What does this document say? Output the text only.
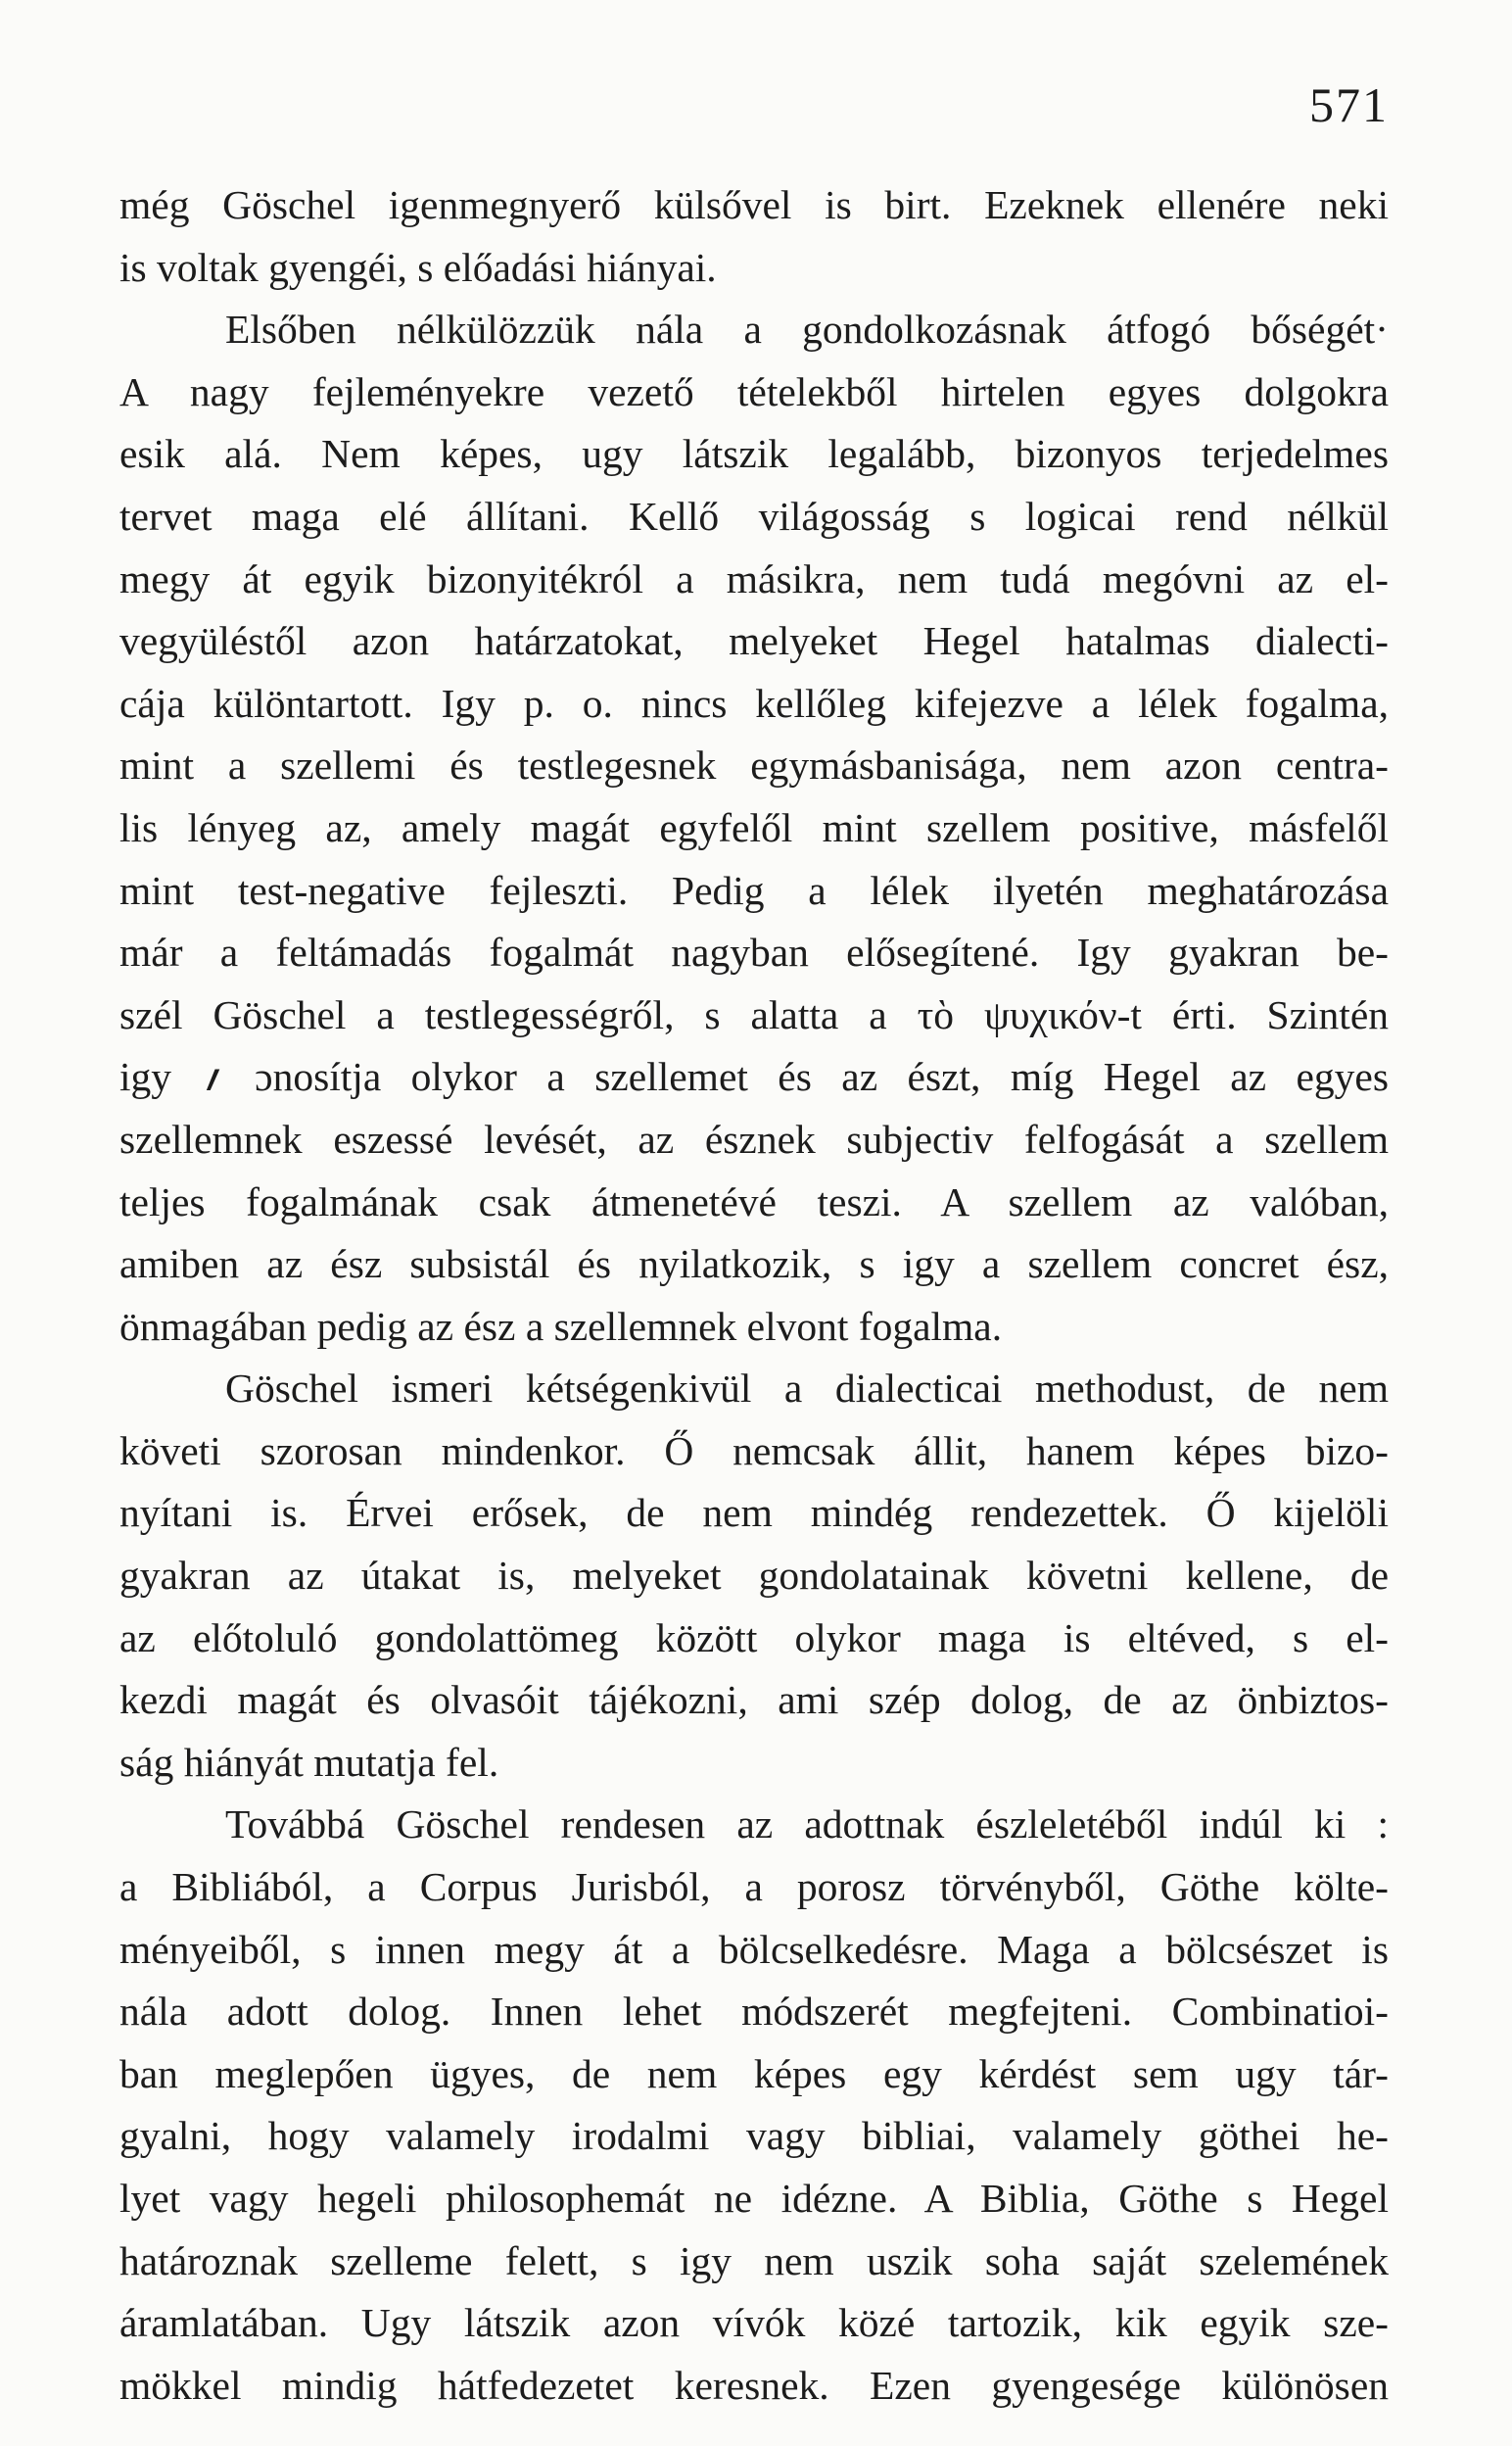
571
még Göschel igenmegnyerő külsővel is birt. Ezeknek ellenére neki
is voltak gyengéi, s előadási hiányai.
Elsőben nélkülözzük nála a gondolkozásnak átfogó bőségét·
A nagy fejleményekre vezető tételekből hirtelen egyes dolgokra
esik alá. Nem képes, ugy látszik legalább, bizonyos terjedelmes
tervet maga elé állítani. Kellő világosság s logicai rend nélkül
megy át egyik bizonyitékról a másikra, nem tudá megóvni az el-
vegyüléstől azon határzatokat, melyeket Hegel hatalmas dialecti-
cája különtartott. Igy p. o. nincs kellőleg kifejezve a lélek fogalma,
mint a szellemi és testlegesnek egymásbanisága, nem azon centra-
lis lényeg az, amely magát egyfelől mint szellem positive, másfelől
mint test-negative fejleszti. Pedig a lélek ilyetén meghatározása
már a feltámadás fogalmát nagyban elősegítené. Igy gyakran be-
szél Göschel a testlegességről, s alatta a τὸ ψυχικόν-t érti. Szintén
igy ؍ ɔnosítja olykor a szellemet és az észt, míg Hegel az egyes
szellemnek eszessé levését, az észnek subjectiv felfogását a szellem
teljes fogalmának csak átmenetévé teszi. A szellem az valóban,
amiben az ész subsistál és nyilatkozik, s igy a szellem concret ész,
önmagában pedig az ész a szellemnek elvont fogalma.
Göschel ismeri kétségenkivül a dialecticai methodust, de nem
követi szorosan mindenkor. Ő nemcsak állit, hanem képes bizo-
nyítani is. Érvei erősek, de nem mindég rendezettek. Ő kijelöli
gyakran az útakat is, melyeket gondolatainak követni kellene, de
az előtoluló gondolattömeg között olykor maga is eltéved, s el-
kezdi magát és olvasóit tájékozni, ami szép dolog, de az önbiztos-
ság hiányát mutatja fel.
Továbbá Göschel rendesen az adottnak észleletéből indúl ki :
a Bibliából, a Corpus Jurisból, a porosz törvényből, Göthe költe-
ményeiből, s innen megy át a bölcselkedésre. Maga a bölcsészet is
nála adott dolog. Innen lehet módszerét megfejteni. Combinatioi-
ban meglepően ügyes, de nem képes egy kérdést sem ugy tár-
gyalni, hogy valamely irodalmi vagy bibliai, valamely göthei he-
lyet vagy hegeli philosophemát ne idézne. A Biblia, Göthe s Hegel
határoznak szelleme felett, s igy nem uszik soha saját szelemének
áramlatában. Ugy látszik azon vívók közé tartozik, kik egyik sze-
mökkel mindig hátfedezetet keresnek. Ezen gyengesége különösen
